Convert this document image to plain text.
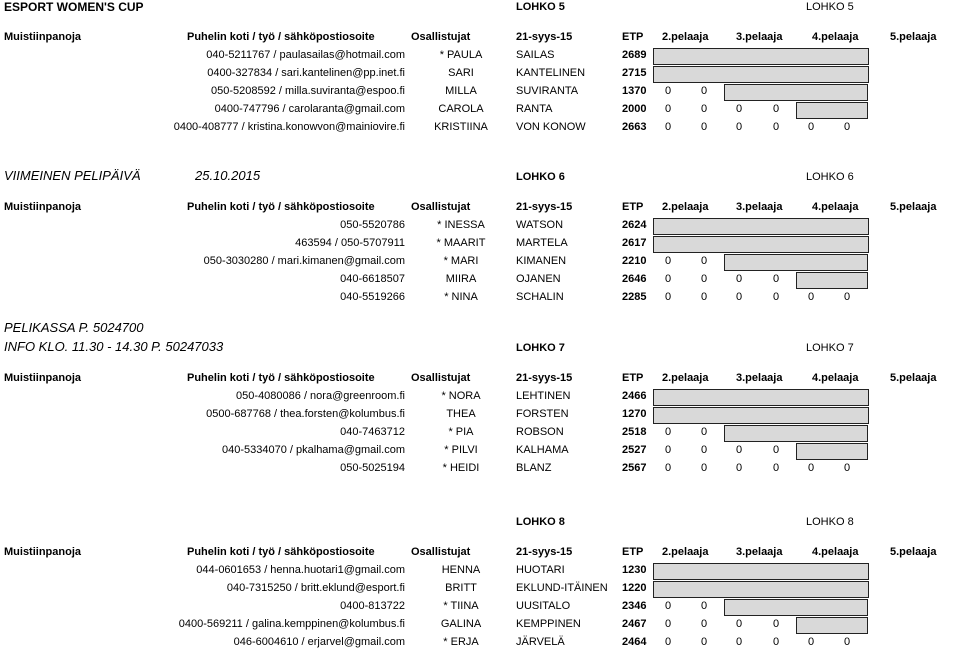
ESPORT WOMEN'S CUP
VIIMEINEN PELIPÄIVÄ	25.10.2015
PELIKASSA P. 5024700
INFO KLO. 11.30 - 14.30 P. 50247033
LOHKO 5	LOHKO 5
Muistiinpanoja	Puhelin koti / työ / sähköpostiosoite	Osallistujat	21-syys-15	ETP 2.pelaaja	3.pelaaja	4.pelaaja	5.pelaaja
040-5211767 / paulasailas@hotmail.com	* PAULA	SAILAS	2689
0400-327834 / sari.kantelinen@pp.inet.fi	SARI	KANTELINEN	2715
050-5208592 / milla.suviranta@espoo.fi	MILLA	SUVIRANTA	1370 0	0
0400-747796 / carolaranta@gmail.com	CAROLA	RANTA	2000 0	0	0	0
0400-408777 / kristina.konowvon@mainiovire.fi	KRISTIINA	VON KONOW	2663 0	0	0	0	0	0
LOHKO 6	LOHKO 6
Muistiinpanoja	Puhelin koti / työ / sähköpostiosoite	Osallistujat	21-syys-15	ETP 2.pelaaja	3.pelaaja	4.pelaaja	5.pelaaja
050-5520786	* INESSA	WATSON	2624
463594 / 050-5707911	* MAARIT	MARTELA	2617
050-3030280 / mari.kimanen@gmail.com	* MARI	KIMANEN	2210 0	0
040-6618507	MIIRA	OJANEN	2646 0	0	0	0
040-5519266	* NINA	SCHALIN	2285 0	0	0	0	0	0
LOHKO 7	LOHKO 7
Muistiinpanoja	Puhelin koti / työ / sähköpostiosoite	Osallistujat	21-syys-15	ETP 2.pelaaja	3.pelaaja	4.pelaaja	5.pelaaja
050-4080086 / nora@greenroom.fi	* NORA	LEHTINEN	2466
0500-687768 / thea.forsten@kolumbus.fi	THEA	FORSTEN	1270
040-7463712	* PIA	ROBSON	2518 0	0
040-5334070 / pkalhama@gmail.com	* PILVI	KALHAMA	2527 0	0	0	0
050-5025194	* HEIDI	BLANZ	2567 0	0	0	0	0	0
LOHKO 8	LOHKO 8
Muistiinpanoja	Puhelin koti / työ / sähköpostiosoite	Osallistujat	21-syys-15	ETP 2.pelaaja	3.pelaaja	4.pelaaja	5.pelaaja
044-0601653 / henna.huotari1@gmail.com	HENNA	HUOTARI	1230
040-7315250 / britt.eklund@esport.fi	BRITT	EKLUND-ITÄINEN 1220
0400-813722	* TIINA	UUSITALO	2346 0	0
0400-569211 / galina.kemppinen@kolumbus.fi	GALINA	KEMPPINEN	2467 0	0	0	0
046-6004610 / erjarvel@gmail.com	* ERJA	JÄRVELÄ	2464 0	0	0	0	0	0
